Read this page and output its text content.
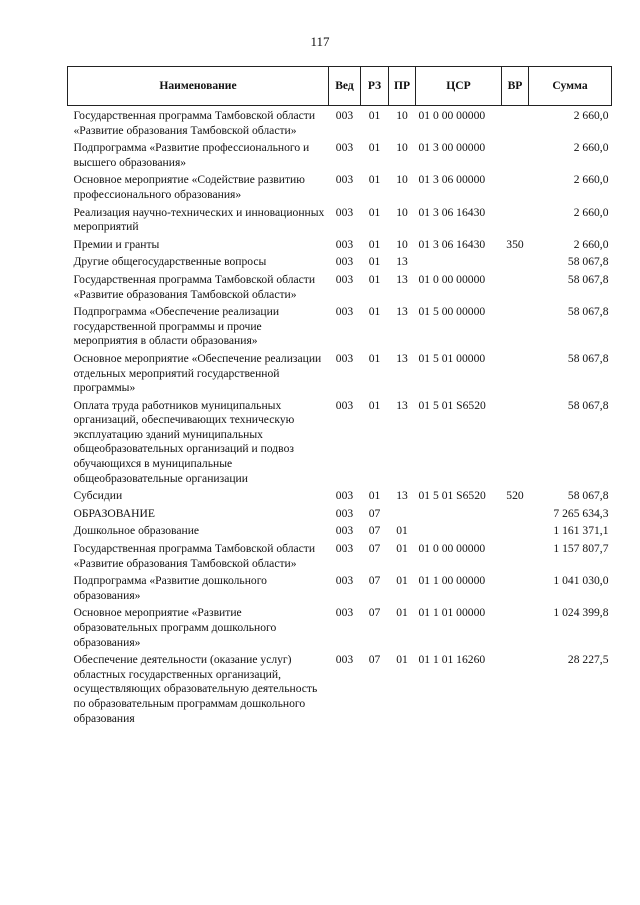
117
Наименование	Вед	РЗ	ПР	ЦСР	ВР	Сумма
Государственная программа Тамбовской области «Развитие образования Тамбовской области»	003	01	10	01 0 00 00000		2 660,0
Подпрограмма «Развитие профессионального и высшего образования»	003	01	10	01 3 00 00000		2 660,0
Основное мероприятие «Содействие развитию профессионального образования»	003	01	10	01 3 06 00000		2 660,0
Реализация научно-технических и инновационных мероприятий	003	01	10	01 3 06 16430		2 660,0
Премии и гранты	003	01	10	01 3 06 16430	350	2 660,0
Другие общегосударственные вопросы	003	01	13			58 067,8
Государственная программа Тамбовской области «Развитие образования Тамбовской области»	003	01	13	01 0 00 00000		58 067,8
Подпрограмма «Обеспечение реализации государственной программы и прочие мероприятия в области образования»	003	01	13	01 5 00 00000		58 067,8
Основное мероприятие «Обеспечение реализации отдельных мероприятий государственной программы»	003	01	13	01 5 01 00000		58 067,8
Оплата труда работников муниципальных организаций, обеспечивающих техническую эксплуатацию зданий муниципальных общеобразовательных организаций и подвоз обучающихся в муниципальные общеобразовательные организации	003	01	13	01 5 01 S6520		58 067,8
Субсидии	003	01	13	01 5 01 S6520	520	58 067,8
ОБРАЗОВАНИЕ	003	07				7 265 634,3
Дошкольное образование	003	07	01			1 161 371,1
Государственная программа Тамбовской области «Развитие образования Тамбовской области»	003	07	01	01 0 00 00000		1 157 807,7
Подпрограмма «Развитие дошкольного образования»	003	07	01	01 1 00 00000		1 041 030,0
Основное мероприятие «Развитие образовательных программ дошкольного образования»	003	07	01	01 1 01 00000		1 024 399,8
Обеспечение деятельности (оказание услуг) областных государственных организаций, осуществляющих образовательную деятельность по образовательным программам дошкольного образования	003	07	01	01 1 01 16260		28 227,5
